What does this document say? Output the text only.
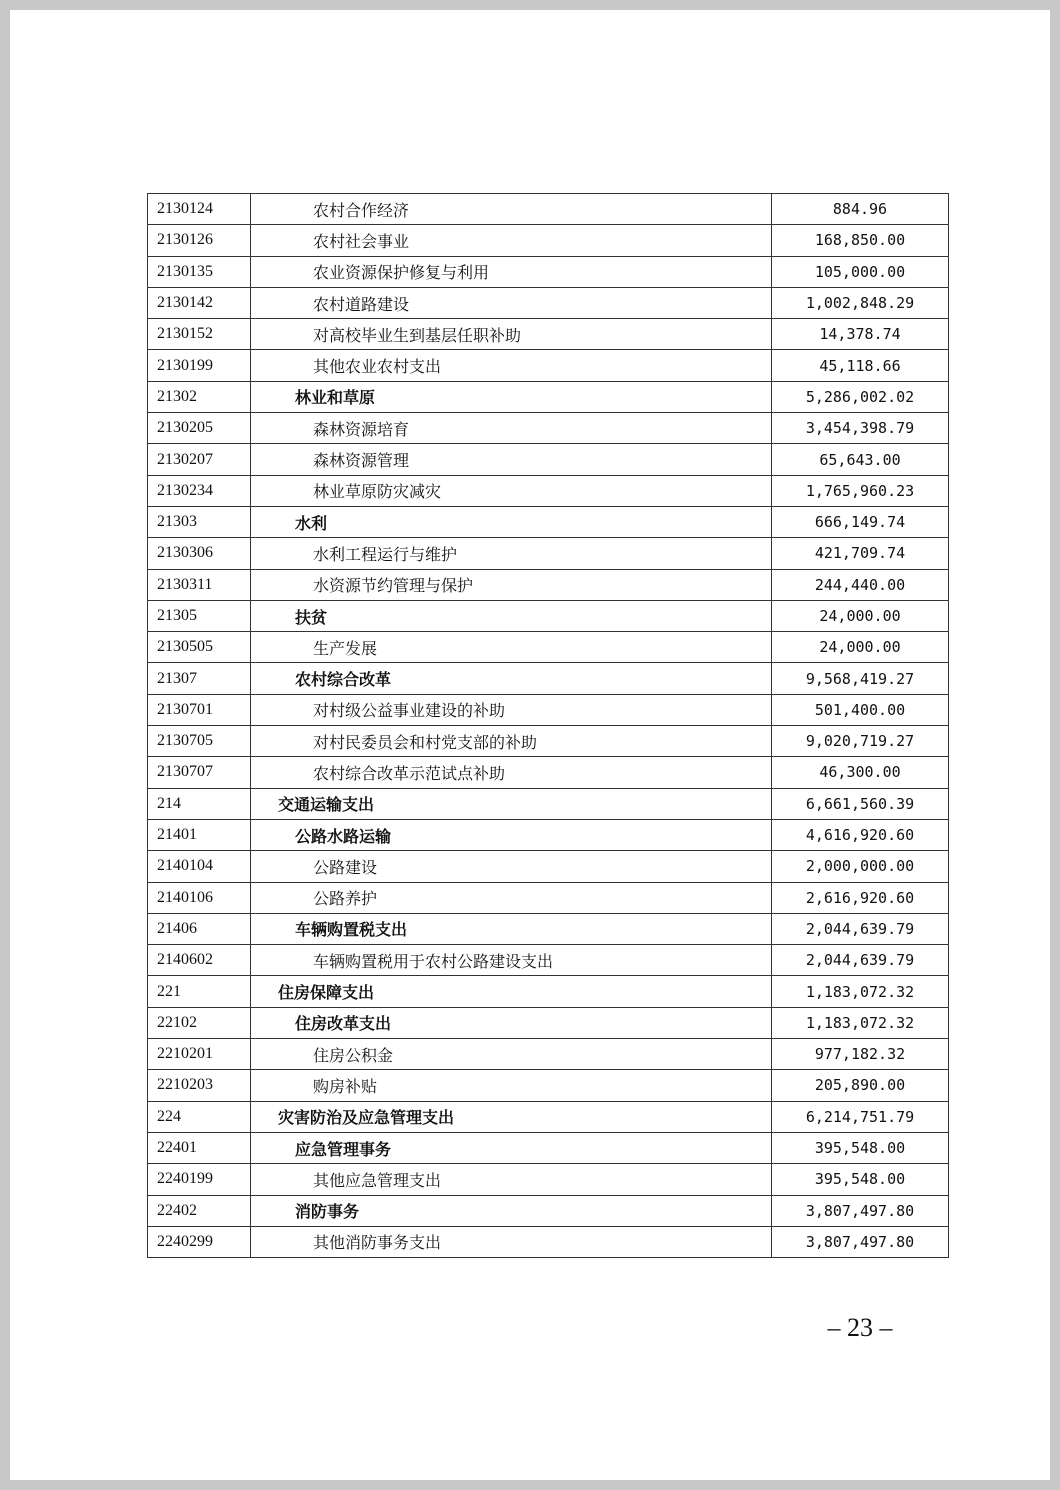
2130124	农村合作经济	884.96
2130126	农村社会事业	168,850.00
2130135	农业资源保护修复与利用	105,000.00
2130142	农村道路建设	1,002,848.29
2130152	对高校毕业生到基层任职补助	14,378.74
2130199	其他农业农村支出	45,118.66
21302	林业和草原	5,286,002.02
2130205	森林资源培育	3,454,398.79
2130207	森林资源管理	65,643.00
2130234	林业草原防灾减灾	1,765,960.23
21303	水利	666,149.74
2130306	水利工程运行与维护	421,709.74
2130311	水资源节约管理与保护	244,440.00
21305	扶贫	24,000.00
2130505	生产发展	24,000.00
21307	农村综合改革	9,568,419.27
2130701	对村级公益事业建设的补助	501,400.00
2130705	对村民委员会和村党支部的补助	9,020,719.27
2130707	农村综合改革示范试点补助	46,300.00
214	交通运输支出	6,661,560.39
21401	公路水路运输	4,616,920.60
2140104	公路建设	2,000,000.00
2140106	公路养护	2,616,920.60
21406	车辆购置税支出	2,044,639.79
2140602	车辆购置税用于农村公路建设支出	2,044,639.79
221	住房保障支出	1,183,072.32
22102	住房改革支出	1,183,072.32
2210201	住房公积金	977,182.32
2210203	购房补贴	205,890.00
224	灾害防治及应急管理支出	6,214,751.79
22401	应急管理事务	395,548.00
2240199	其他应急管理支出	395,548.00
22402	消防事务	3,807,497.80
2240299	其他消防事务支出	3,807,497.80
– 23 –
